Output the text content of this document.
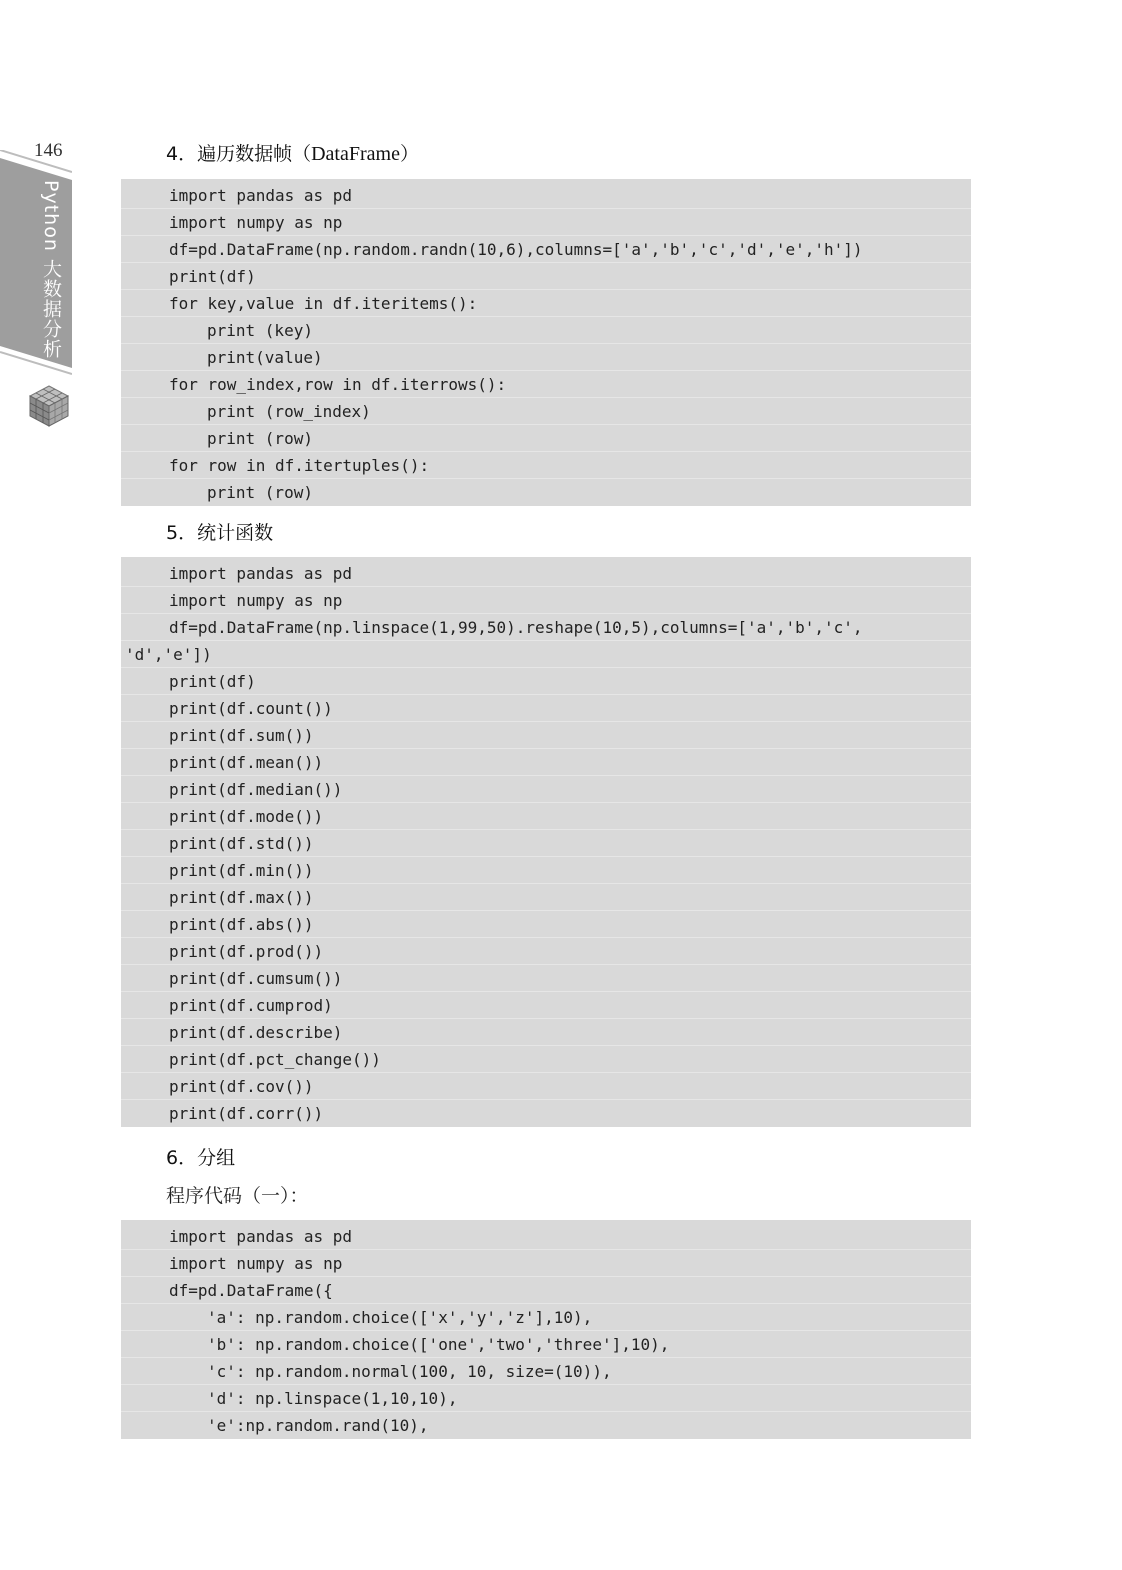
146
Python 大数据分析
4．遍历数据帧（DataFrame）
import pandas as pd
import numpy as np
df=pd.DataFrame(np.random.randn(10,6),columns=['a','b','c','d','e','h'])
print(df)
for key,value in df.iteritems():
print (key)
print(value)
for row_index,row in df.iterrows():
print (row_index)
print (row)
for row in df.itertuples():
print (row)
5．统计函数
import pandas as pd
import numpy as np
df=pd.DataFrame(np.linspace(1,99,50).reshape(10,5),columns=['a','b','c',
'd','e'])
print(df)
print(df.count())
print(df.sum())
print(df.mean())
print(df.median())
print(df.mode())
print(df.std())
print(df.min())
print(df.max())
print(df.abs())
print(df.prod())
print(df.cumsum())
print(df.cumprod)
print(df.describe)
print(df.pct_change())
print(df.cov())
print(df.corr())
6．分组
程序代码（一）：
import pandas as pd
import numpy as np
df=pd.DataFrame({
'a': np.random.choice(['x','y','z'],10),
'b': np.random.choice(['one','two','three'],10),
'c': np.random.normal(100, 10, size=(10)),
'd': np.linspace(1,10,10),
'e':np.random.rand(10),
